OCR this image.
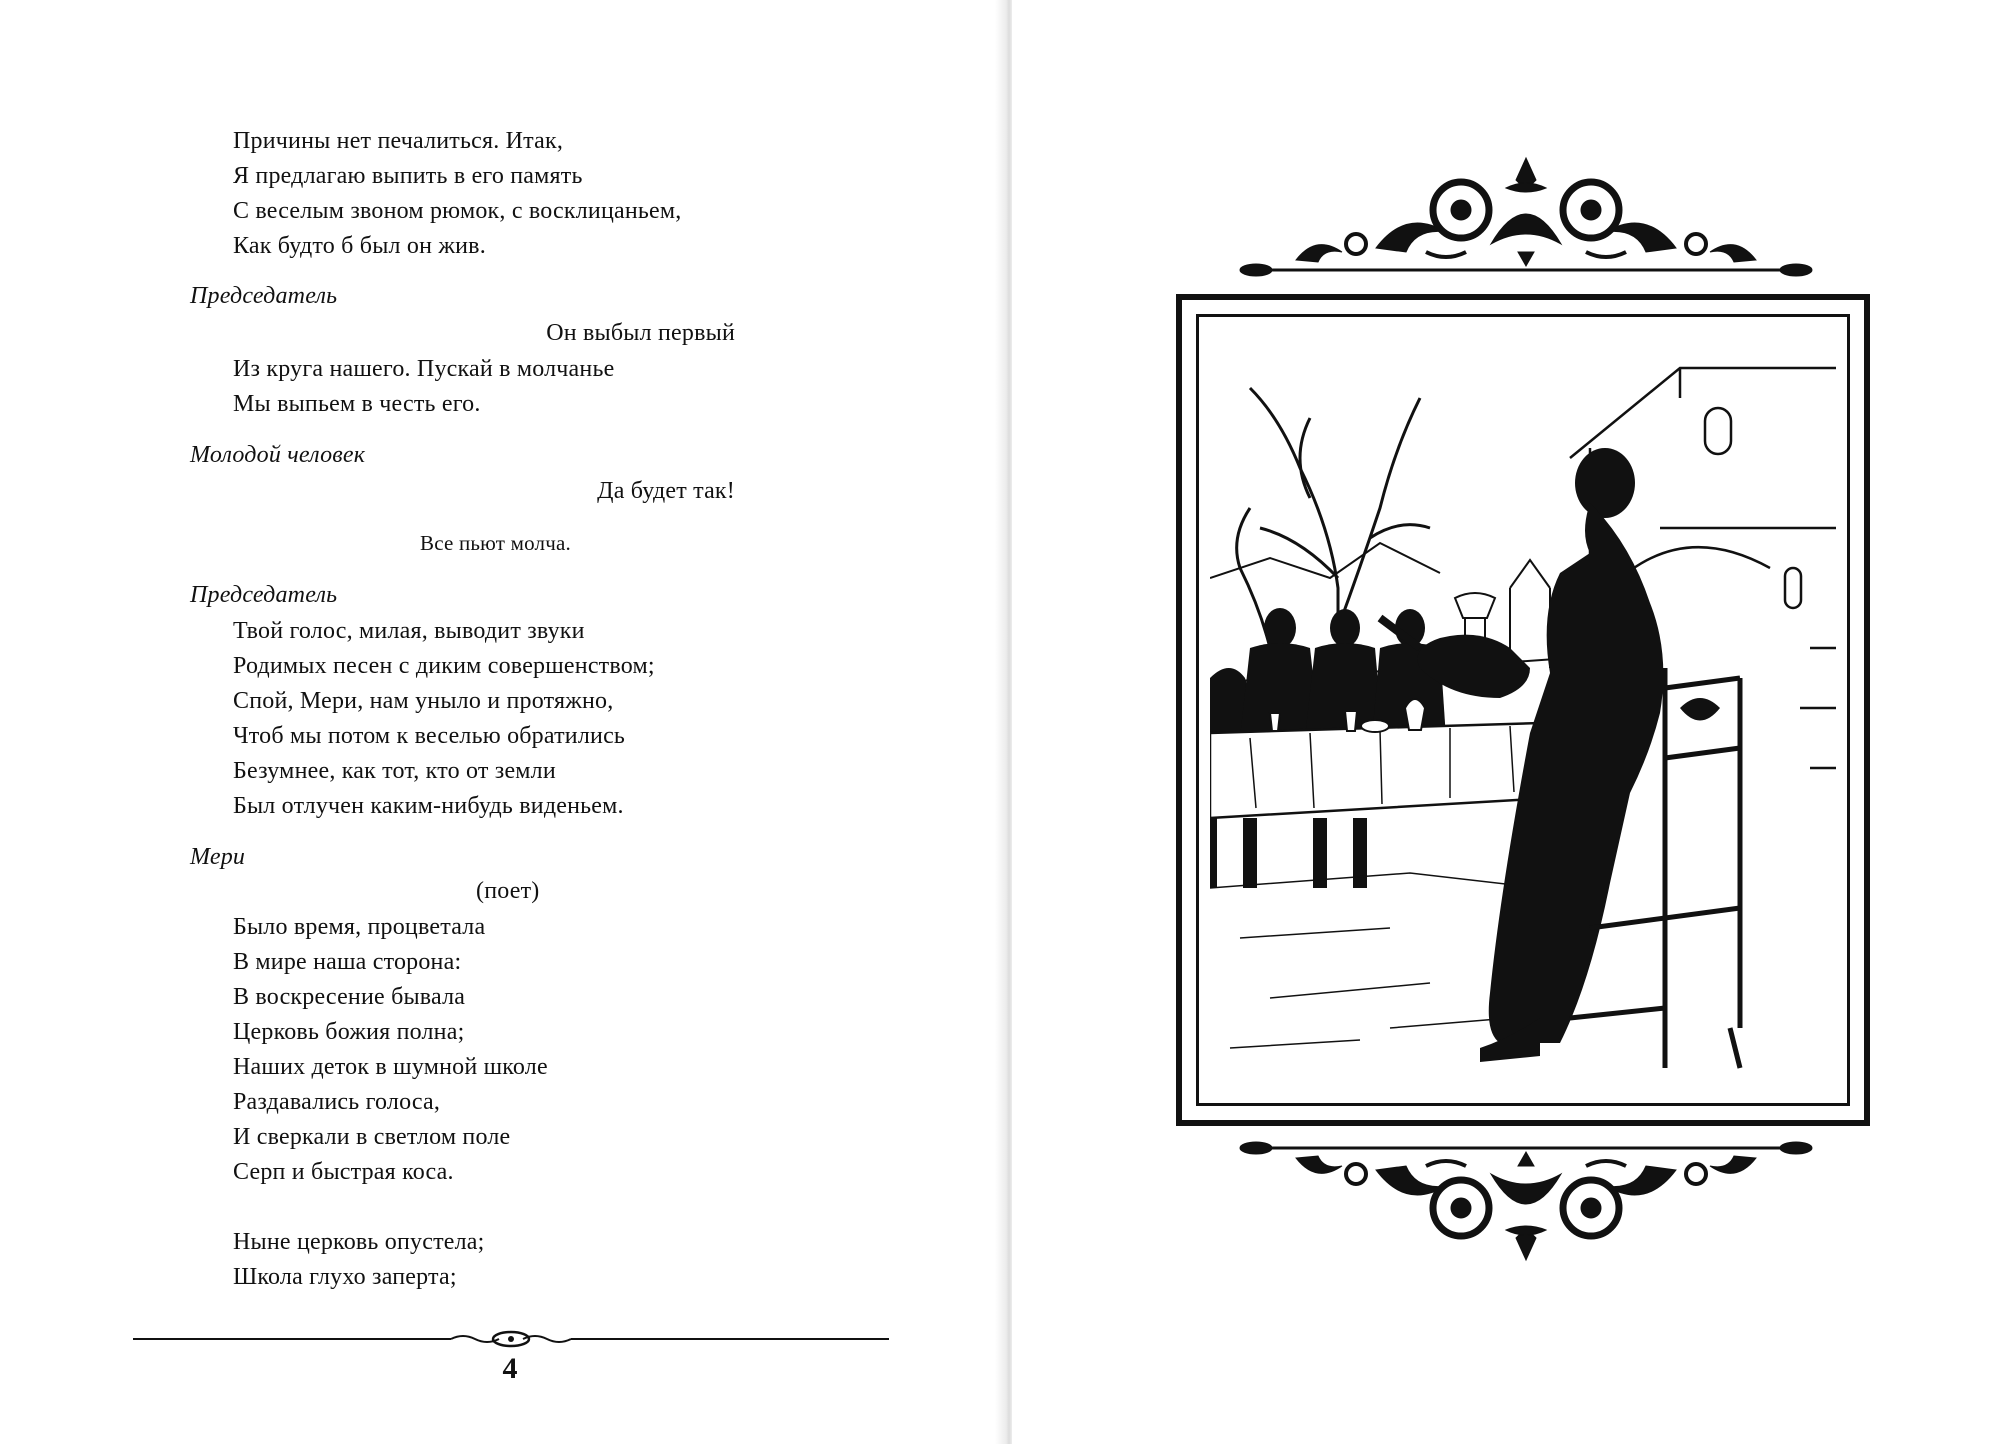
Причины нет печалиться. Итак,
Я предлагаю выпить в его память
С веселым звоном рюмок, с восклицаньем,
Как будто б был он жив.
Председатель
Он выбыл первый
Из круга нашего. Пускай в молчанье
Мы выпьем в честь его.
Молодой человек
Да будет так!
Все пьют молча.
Председатель
Твой голос, милая, выводит звуки
Родимых песен с диким совершенством;
Спой, Мери, нам уныло и протяжно,
Чтоб мы потом к веселью обратились
Безумнее, как тот, кто от земли
Был отлучен каким-нибудь виденьем.
Мери
(поет)
Было время, процветала
В мире наша сторона:
В воскресение бывала
Церковь божия полна;
Наших деток в шумной школе
Раздавались голоса,
И сверкали в светлом поле
Серп и быстрая коса.
Ныне церковь опустела;
Школа глухо заперта;
4
